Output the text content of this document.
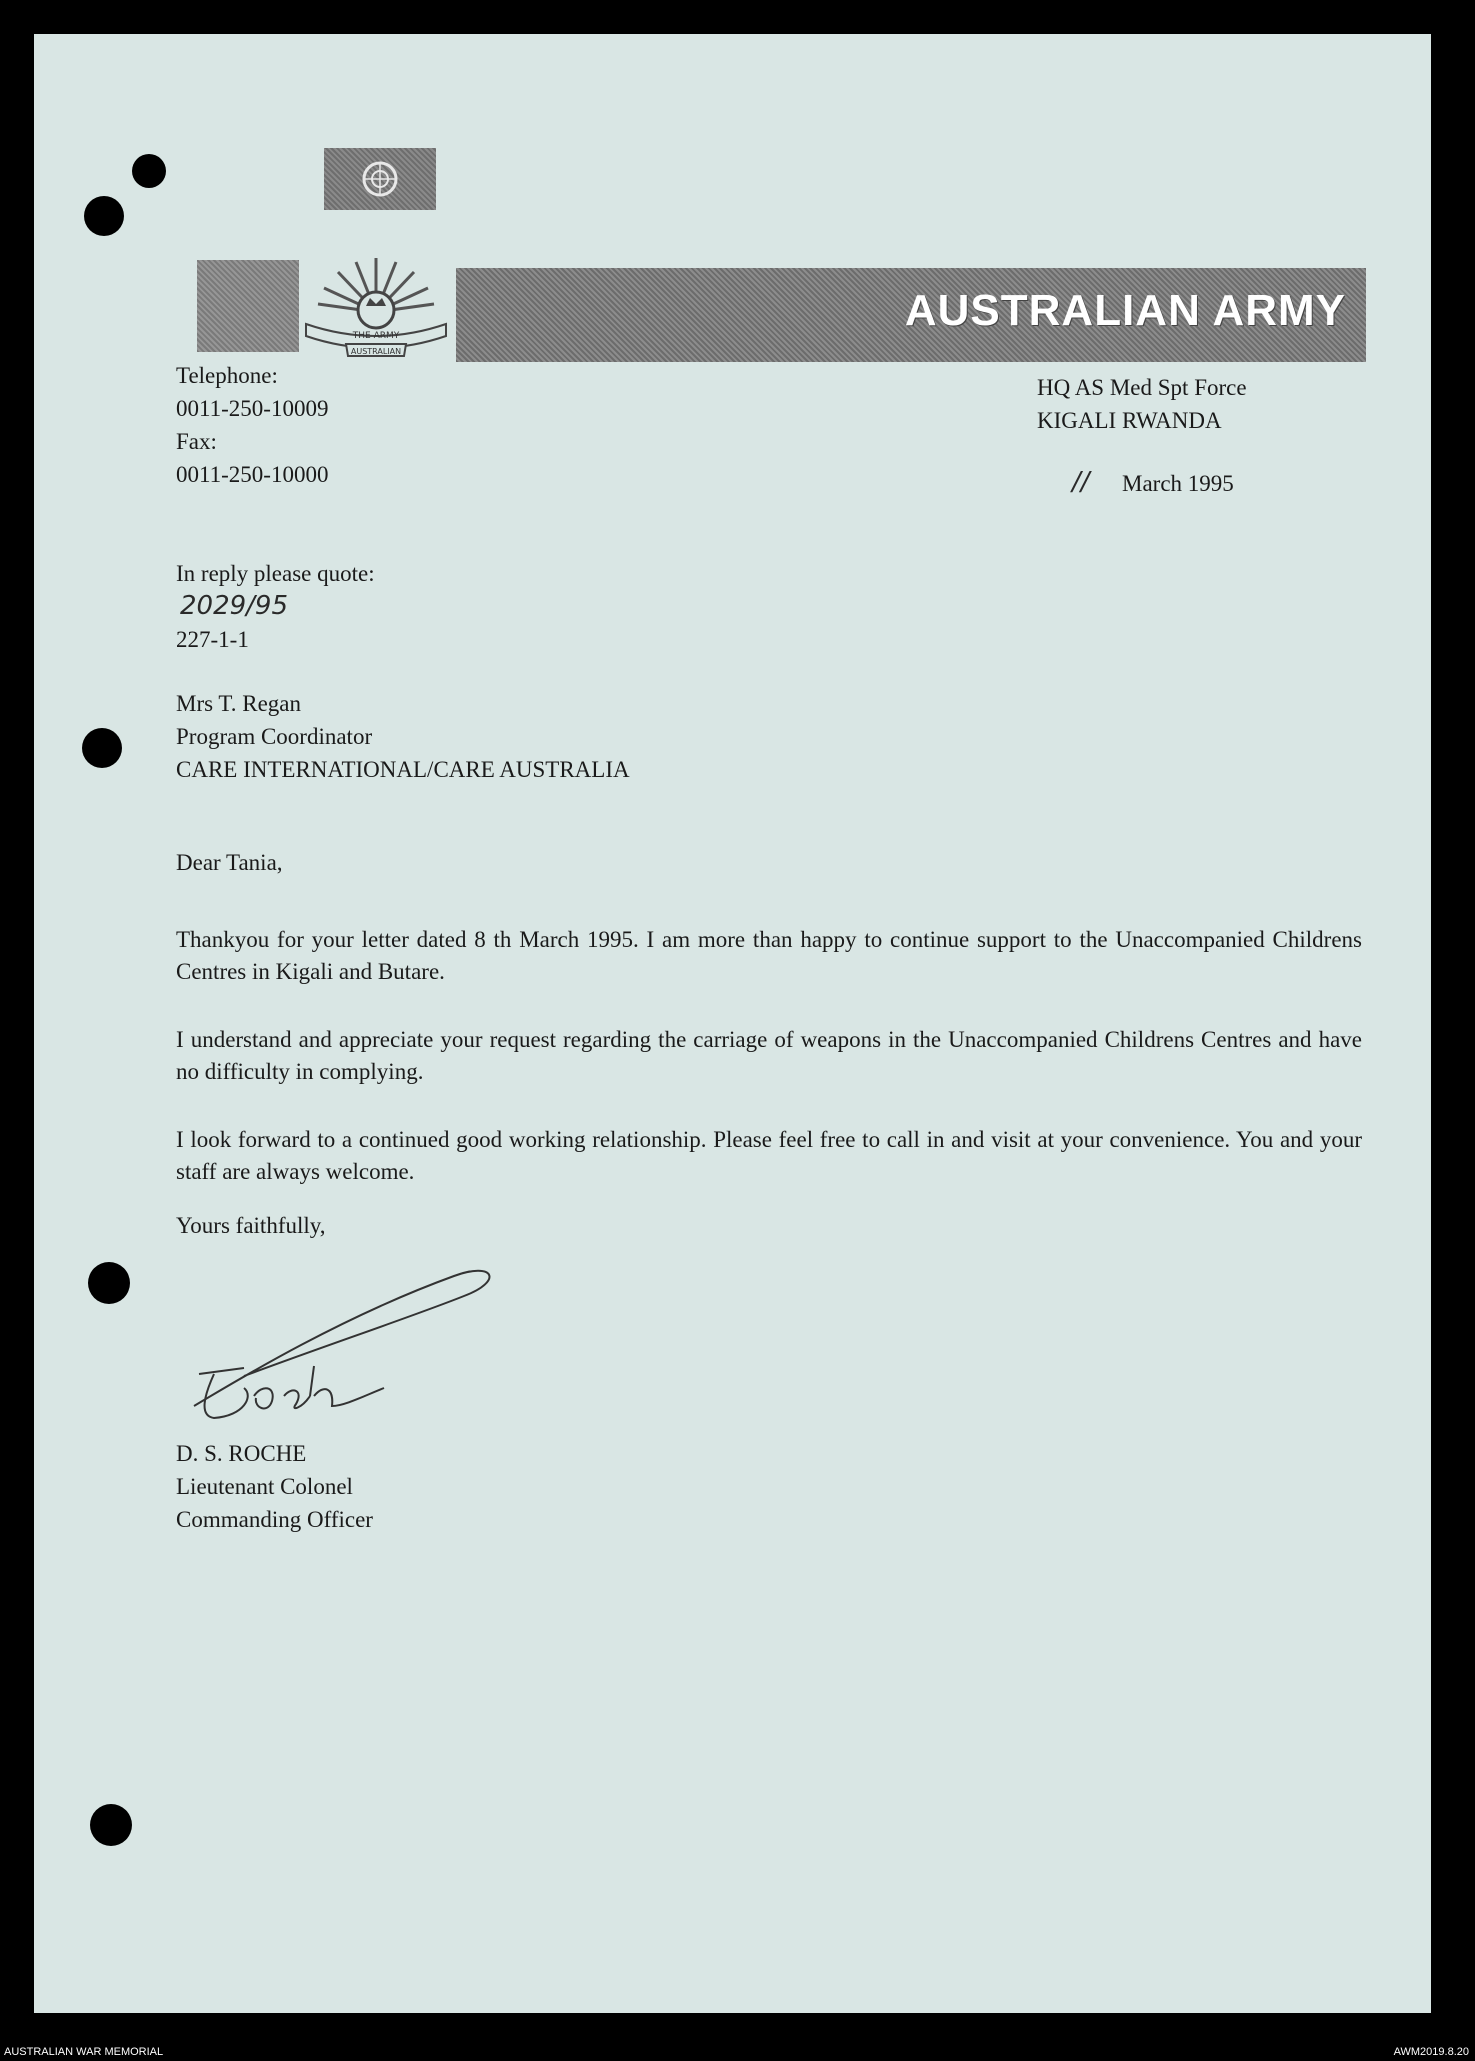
THE ARMY
AUSTRALIAN
AUSTRALIAN ARMY
Telephone:
0011-250-10009
Fax:
0011-250-10000
HQ AS Med Spt Force
KIGALI RWANDA
// March 1995
In reply please quote:
2029/95
227-1-1
Mrs T. Regan
Program Coordinator
CARE INTERNATIONAL/CARE AUSTRALIA
Dear Tania,
Thankyou for your letter dated 8 th March 1995. I am more than happy to continue support to the Unaccompanied Childrens Centres in Kigali and Butare.
I understand and appreciate your request regarding the carriage of weapons in the Unaccompanied Childrens Centres and have no difficulty in complying.
I look forward to a continued good working relationship. Please feel free to call in and visit at your convenience. You and your staff are always welcome.
Yours faithfully,
D. S. ROCHE
Lieutenant Colonel
Commanding Officer
AUSTRALIAN WAR MEMORIAL	AWM2019.8.20
